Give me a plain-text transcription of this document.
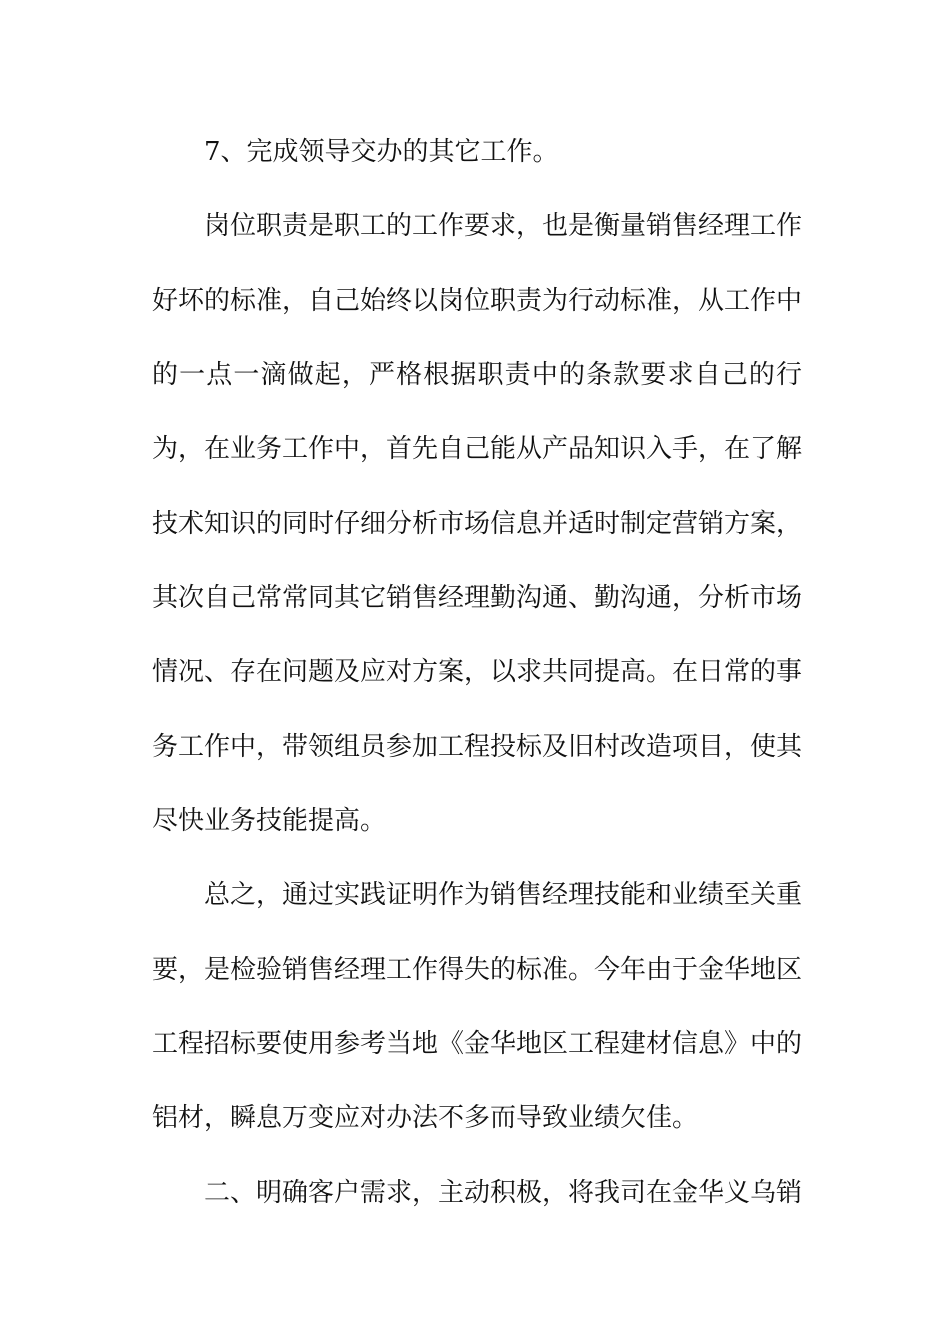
7、完成领导交办的其它工作。
岗位职责是职工的工作要求，也是衡量销售经理工作
好坏的标准，自己始终以岗位职责为行动标准，从工作中
的一点一滴做起，严格根据职责中的条款要求自己的行
为，在业务工作中，首先自己能从产品知识入手，在了解
技术知识的同时仔细分析市场信息并适时制定营销方案，
其次自己常常同其它销售经理勤沟通、勤沟通，分析市场
情况、存在问题及应对方案，以求共同提高。在日常的事
务工作中，带领组员参加工程投标及旧村改造项目，使其
尽快业务技能提高。
总之，通过实践证明作为销售经理技能和业绩至关重
要，是检验销售经理工作得失的标准。今年由于金华地区
工程招标要使用参考当地《金华地区工程建材信息》中的
铝材，瞬息万变应对办法不多而导致业绩欠佳。
二、明确客户需求，主动积极，将我司在金华义乌销
